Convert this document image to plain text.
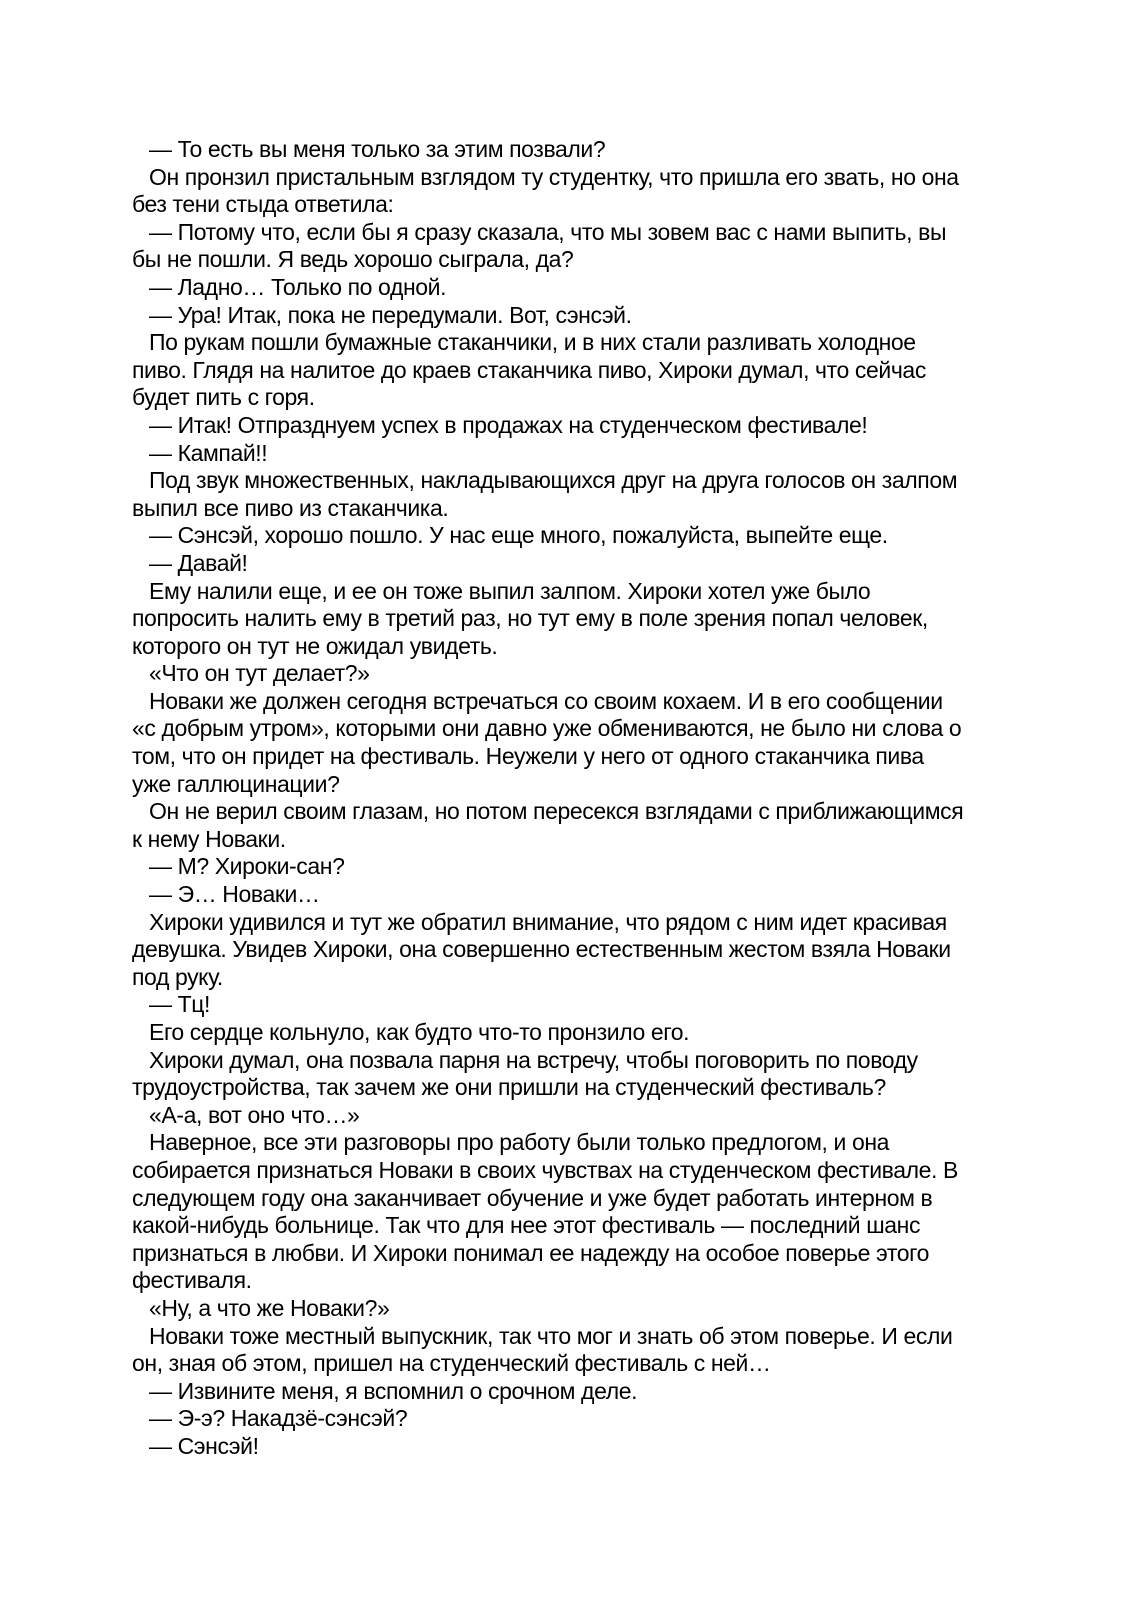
— То есть вы меня только за этим позвали?
Он пронзил пристальным взглядом ту студентку, что пришла его звать, но она
без тени стыда ответила:
— Потому что, если бы я сразу сказала, что мы зовем вас с нами выпить, вы
бы не пошли. Я ведь хорошо сыграла, да?
— Ладно… Только по одной.
— Ура! Итак, пока не передумали. Вот, сэнсэй.
По рукам пошли бумажные стаканчики, и в них стали разливать холодное
пиво. Глядя на налитое до краев стаканчика пиво, Хироки думал, что сейчас
будет пить с горя.
— Итак! Отпразднуем успех в продажах на студенческом фестивале!
— Кампай!!
Под звук множественных, накладывающихся друг на друга голосов он залпом
выпил все пиво из стаканчика.
— Сэнсэй, хорошо пошло. У нас еще много, пожалуйста, выпейте еще.
— Давай!
Ему налили еще, и ее он тоже выпил залпом. Хироки хотел уже было
попросить налить ему в третий раз, но тут ему в поле зрения попал человек,
которого он тут не ожидал увидеть.
«Что он тут делает?»
Новаки же должен сегодня встречаться со своим кохаем. И в его сообщении
«с добрым утром», которыми они давно уже обмениваются, не было ни слова о
том, что он придет на фестиваль. Неужели у него от одного стаканчика пива
уже галлюцинации?
Он не верил своим глазам, но потом пересекся взглядами с приближающимся
к нему Новаки.
— М? Хироки-сан?
— Э… Новаки…
Хироки удивился и тут же обратил внимание, что рядом с ним идет красивая
девушка. Увидев Хироки, она совершенно естественным жестом взяла Новаки
под руку.
— Тц!
Его сердце кольнуло, как будто что-то пронзило его.
Хироки думал, она позвала парня на встречу, чтобы поговорить по поводу
трудоустройства, так зачем же они пришли на студенческий фестиваль?
«А-а, вот оно что…»
Наверное, все эти разговоры про работу были только предлогом, и она
собирается признаться Новаки в своих чувствах на студенческом фестивале. В
следующем году она заканчивает обучение и уже будет работать интерном в
какой-нибудь больнице. Так что для нее этот фестиваль — последний шанс
признаться в любви. И Хироки понимал ее надежду на особое поверье этого
фестиваля.
«Ну, а что же Новаки?»
Новаки тоже местный выпускник, так что мог и знать об этом поверье. И если
он, зная об этом, пришел на студенческий фестиваль с ней…
— Извините меня, я вспомнил о срочном деле.
— Э-э? Накадзё-сэнсэй?
— Сэнсэй!
